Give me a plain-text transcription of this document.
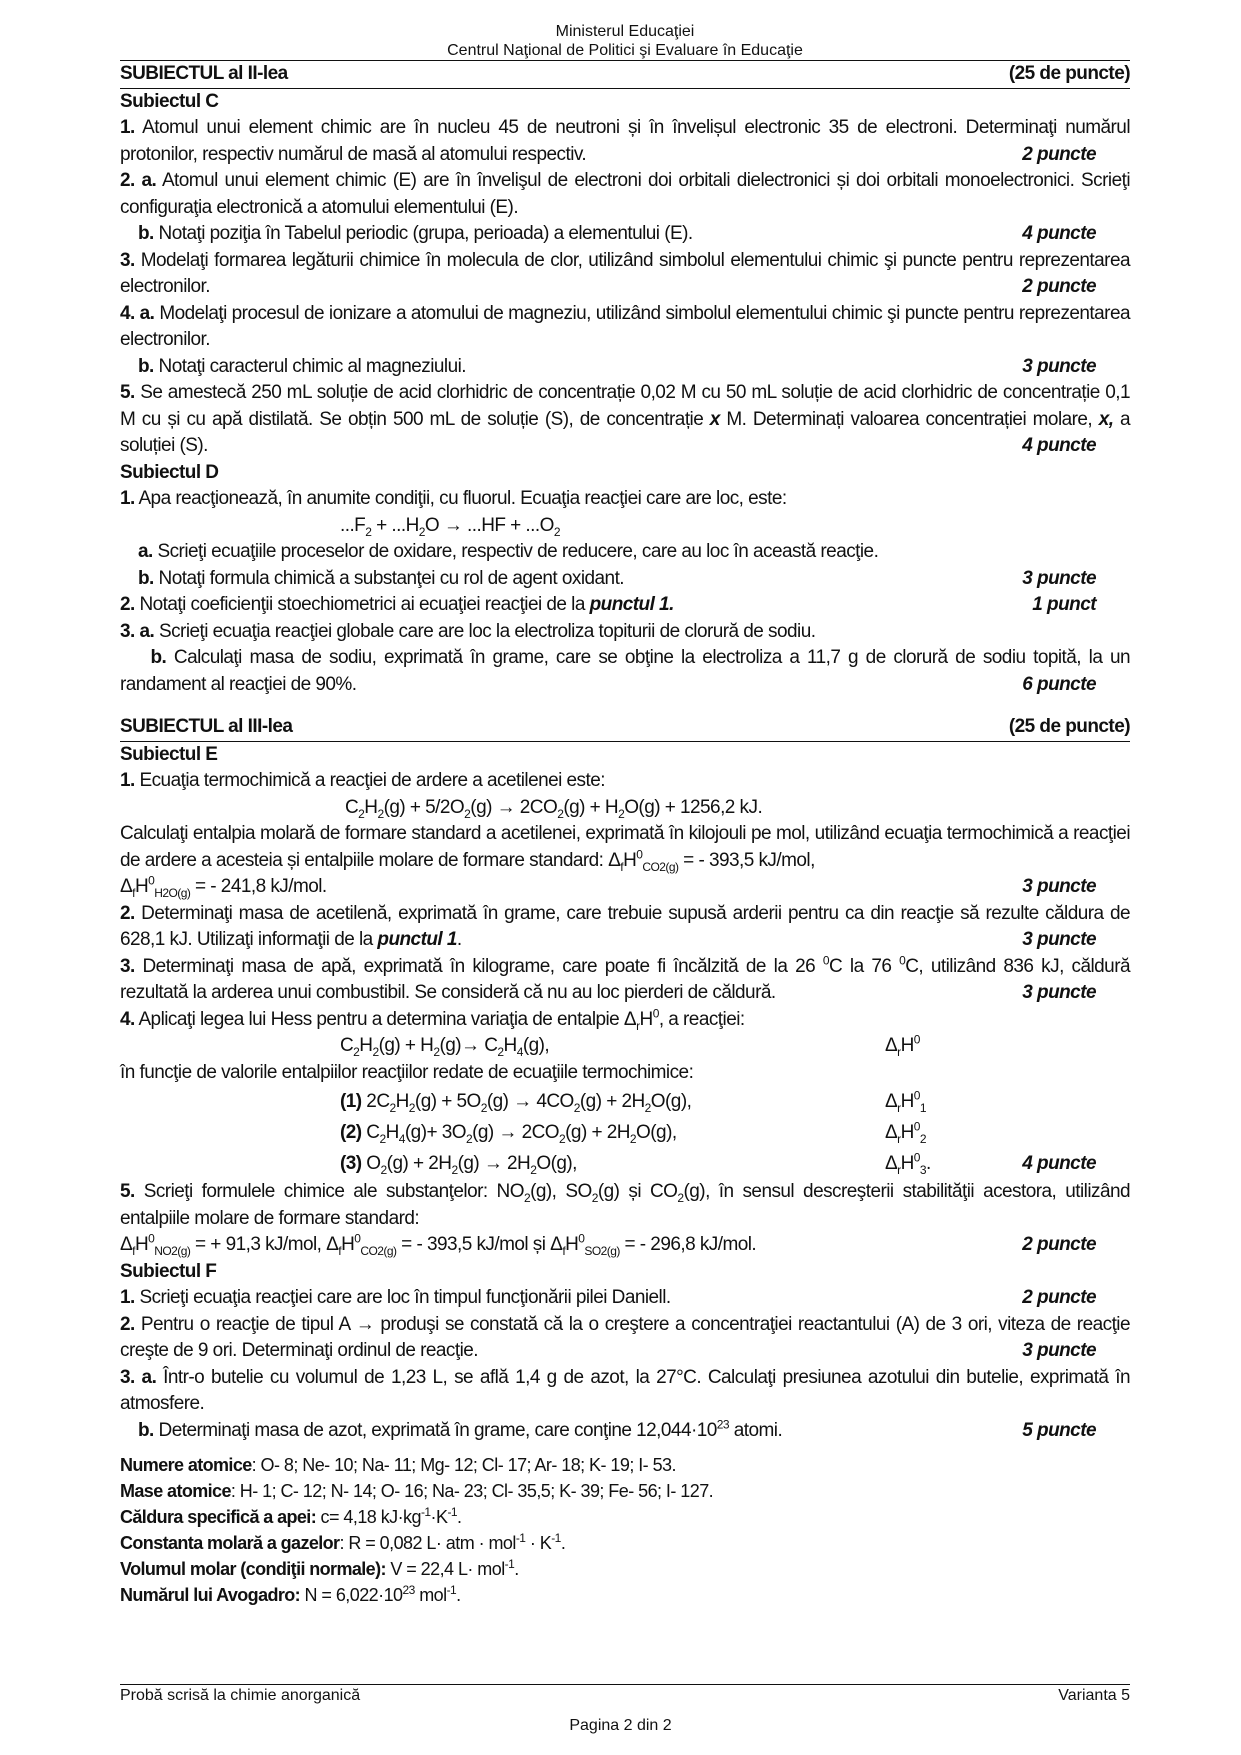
Ministerul Educaţiei
Centrul Naţional de Politici şi Evaluare în Educaţie
SUBIECTUL al II-lea	(25 de puncte)
Subiectul C
1. Atomul unui element chimic are în nucleu 45 de neutroni și în învelișul electronic 35 de electroni. Determinaţi numărul protonilor, respectiv numărul de masă al atomului respectiv.	2 puncte
2. a. Atomul unui element chimic (E) are în învelişul de electroni doi orbitali dielectronici și doi orbitali monoelectronici. Scrieţi configuraţia electronică a atomului elementului (E).
b. Notaţi poziţia în Tabelul periodic (grupa, perioada) a elementului (E).	4 puncte
3. Modelaţi formarea legăturii chimice în molecula de clor, utilizând simbolul elementului chimic şi puncte pentru reprezentarea electronilor.	2 puncte
4. a. Modelaţi procesul de ionizare a atomului de magneziu, utilizând simbolul elementului chimic şi puncte pentru reprezentarea electronilor.
b. Notaţi caracterul chimic al magneziului.	3 puncte
5. Se amestecă 250 mL soluție de acid clorhidric de concentrație 0,02 M cu 50 mL soluție de acid clorhidric de concentrație 0,1 M cu și cu apă distilată. Se obțin 500 mL de soluție (S), de concentrație x M. Determinați valoarea concentrației molare, x, a soluției (S).	4 puncte
Subiectul D
1. Apa reacţionează, în anumite condiţii, cu fluorul. Ecuaţia reacţiei care are loc, este:
$...F_2 + ...H_2O \to ...HF + ...O_2$
a. Scrieţi ecuaţiile proceselor de oxidare, respectiv de reducere, care au loc în această reacţie.
b. Notaţi formula chimică a substanţei cu rol de agent oxidant.	3 puncte
2. Notaţi coeficienţii stoechiometrici ai ecuaţiei reacţiei de la punctul 1.	1 punct
3. a. Scrieţi ecuaţia reacţiei globale care are loc la electroliza topiturii de clorură de sodiu.
b. Calculaţi masa de sodiu, exprimată în grame, care se obţine la electroliza a 11,7 g de clorură de sodiu topită, la un randament al reacţiei de 90%.	6 puncte
SUBIECTUL al III-lea	(25 de puncte)
Subiectul E
1. Ecuaţia termochimică a reacţiei de ardere a acetilenei este:
$C_2H_2(g) + 5/2O_2(g) \to 2CO_2(g) + H_2O(g) + 1256,2$ kJ.
Calculaţi entalpia molară de formare standard a acetilenei, exprimată în kilojouli pe mol, utilizând ecuaţia termochimică a reacţiei de ardere a acesteia și entalpiile molare de formare standard: $\Delta_fH^0_{CO2(g)}$ = - 393,5 kJ/mol,
$\Delta_fH^0_{H2O(g)}$ = - 241,8 kJ/mol.	3 puncte
2. Determinaţi masa de acetilenă, exprimată în grame, care trebuie supusă arderii pentru ca din reacţie să rezulte căldura de 628,1 kJ. Utilizaţi informaţii de la punctul 1.	3 puncte
3. Determinaţi masa de apă, exprimată în kilograme, care poate fi încălzită de la 26 $^0$C la 76 $^0$C, utilizând 836 kJ, căldură rezultată la arderea unui combustibil. Se consideră că nu au loc pierderi de căldură.	3 puncte
4. Aplicaţi legea lui Hess pentru a determina variaţia de entalpie $\Delta_rH^0$, a reacţiei:
$C_2H_2(g) + H_2(g)\to C_2H_4(g)$,	$\Delta_rH^0$
în funcţie de valorile entalpiilor reacţiilor redate de ecuaţiile termochimice:
(1) $2C_2H_2(g) + 5O_2(g) \to 4CO_2(g) + 2H_2O(g)$,	$\Delta_rH^0_1$
(2) $C_2H_4(g)+ 3O_2(g) \to 2CO_2(g) + 2H_2O(g)$,	$\Delta_rH^0_2$
(3) $O_2(g) + 2H_2(g) \to 2H_2O(g)$,	$\Delta_rH^0_3$.	4 puncte
5. Scrieţi formulele chimice ale substanţelor: $NO_2(g)$, $SO_2(g)$ și $CO_2(g)$, în sensul descreşterii stabilităţii acestora, utilizând entalpiile molare de formare standard:
$\Delta_fH^0_{NO2(g)}$ = + 91,3 kJ/mol, $\Delta_fH^0_{CO2(g)}$ = - 393,5 kJ/mol și $\Delta_fH^0_{SO2(g)}$ = - 296,8 kJ/mol.	2 puncte
Subiectul F
1. Scrieţi ecuaţia reacţiei care are loc în timpul funcţionării pilei Daniell.	2 puncte
2. Pentru o reacţie de tipul A → produşi se constată că la o creştere a concentraţiei reactantului (A) de 3 ori, viteza de reacţie creşte de 9 ori. Determinaţi ordinul de reacţie.	3 puncte
3. a. Într-o butelie cu volumul de 1,23 L, se află 1,4 g de azot, la 27°C. Calculaţi presiunea azotului din butelie, exprimată în atmosfere.
b. Determinaţi masa de azot, exprimată în grame, care conţine $12,044\cdot 10^{23}$ atomi.	5 puncte
Numere atomice: O- 8; Ne- 10; Na- 11; Mg- 12; Cl- 17; Ar- 18; K- 19; I- 53.
Mase atomice: H- 1; C- 12; N- 14; O- 16; Na- 23; Cl- 35,5; K- 39; Fe- 56; I- 127.
Căldura specifică a apei: c= 4,18 $kJ\cdot kg^{-1}\cdot K^{-1}$.
Constanta molară a gazelor: R = 0,082 L· atm · $mol^{-1} \cdot K^{-1}$.
Volumul molar (condiţii normale): V = 22,4 L· mol$^{-1}$.
Numărul lui Avogadro: $N = 6,022\cdot 10^{23}$ mol$^{-1}$.
Probă scrisă la chimie anorganică	Varianta 5
Pagina 2 din 2
